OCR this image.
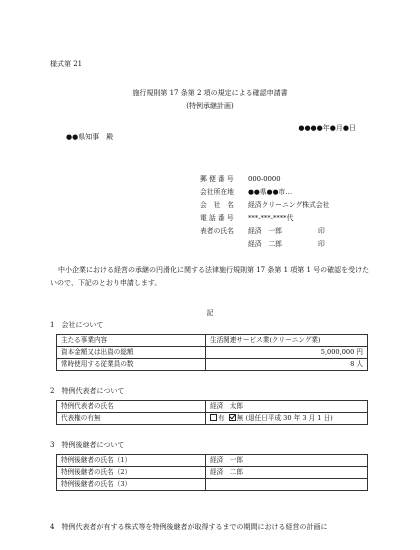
様式第 21
施行規則第 17 条第 2 項の規定による確認申請書
(特例承継計画)
●●●●年●月●日
●●県知事　殿
郵 便 番 号 000-0000
会社所在地 ●●県●●市…
会　社　名 経済クリーニング株式会社
電 話 番 号 ***-***-****代
表者の氏名 経済　一郎	印
経済　二郎	印
中小企業における経営の承継の円滑化に関する法律施行規則第 17 条第 1 項第 1 号の確認を受けたいので、下記のとおり申請します。
記
1　会社について
主たる事業内容	生活関連サービス業(クリーニング業)
資本金額又は出資の総額	5,000,000 円
常時使用する従業員の数	8 人
2　特例代表者について
特例代表者の氏名	経済　太郎
代表権の有無	有 無 (退任日平成 30 年 3 月 1 日)
3　特例後継者について
特例後継者の氏名（1）	経済　一郎
特例後継者の氏名（2）	経済　二郎
特例後継者の氏名（3）	
4　特例代表者が有する株式等を特例後継者が取得するまでの期間における経営の計画に
